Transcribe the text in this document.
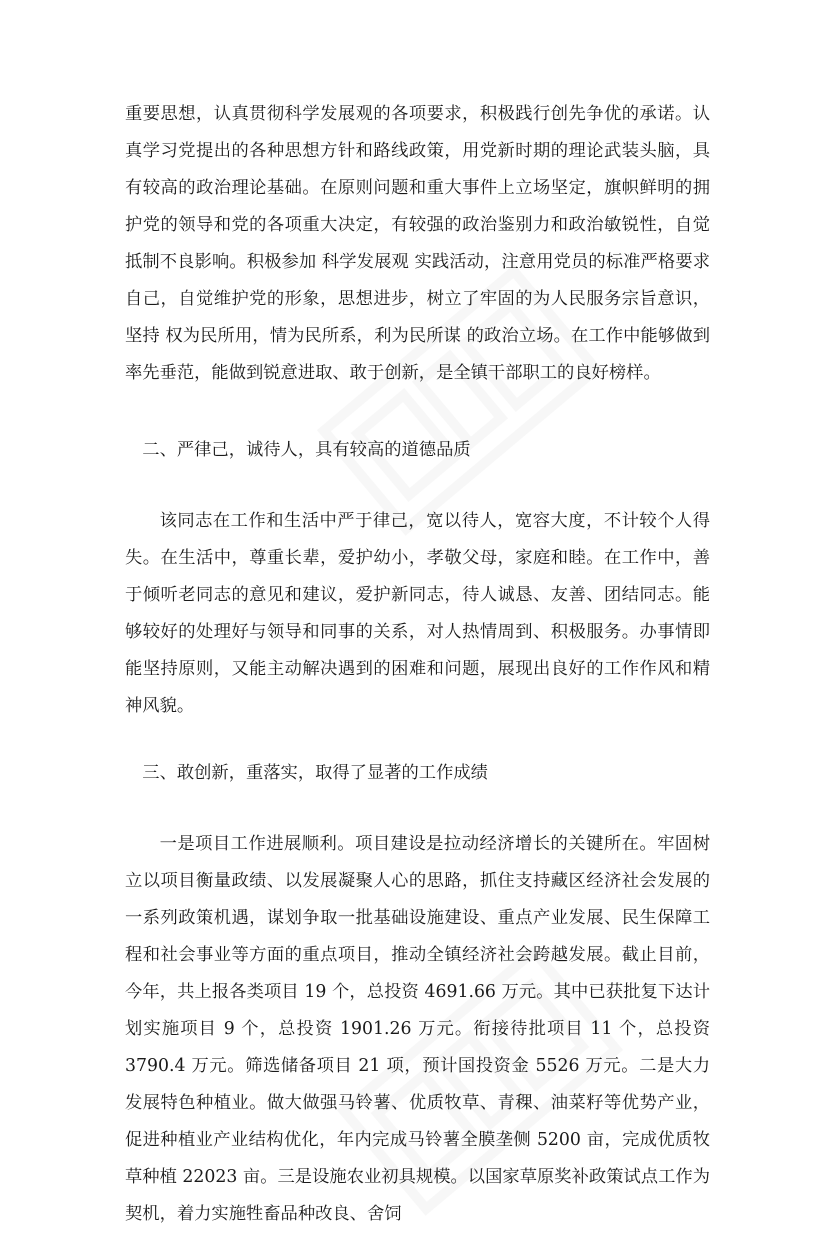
重要思想，认真贯彻科学发展观的各项要求，积极践行创先争优的承诺。认真学习党提出的各种思想方针和路线政策，用党新时期的理论武装头脑，具有较高的政治理论基础。在原则问题和重大事件上立场坚定，旗帜鲜明的拥护党的领导和党的各项重大决定，有较强的政治鉴别力和政治敏锐性，自觉抵制不良影响。积极参加 科学发展观 实践活动，注意用党员的标准严格要求自己，自觉维护党的形象，思想进步，树立了牢固的为人民服务宗旨意识，坚持 权为民所用，情为民所系，利为民所谋 的政治立场。在工作中能够做到率先垂范，能做到锐意进取、敢于创新，是全镇干部职工的良好榜样。

二、严律己，诚待人，具有较高的道德品质

该同志在工作和生活中严于律己，宽以待人，宽容大度，不计较个人得失。在生活中，尊重长辈，爱护幼小，孝敬父母，家庭和睦。在工作中，善于倾听老同志的意见和建议，爱护新同志，待人诚恳、友善、团结同志。能够较好的处理好与领导和同事的关系，对人热情周到、积极服务。办事情即能坚持原则，又能主动解决遇到的困难和问题，展现出良好的工作作风和精神风貌。

三、敢创新，重落实，取得了显著的工作成绩

一是项目工作进展顺利。项目建设是拉动经济增长的关键所在。牢固树立以项目衡量政绩、以发展凝聚人心的思路，抓住支持藏区经济社会发展的一系列政策机遇，谋划争取一批基础设施建设、重点产业发展、民生保障工程和社会事业等方面的重点项目，推动全镇经济社会跨越发展。截止目前，今年，共上报各类项目 19 个，总投资 4691.66 万元。其中已获批复下达计划实施项目 9 个，总投资 1901.26 万元。衔接待批项目 11 个，总投资 3790.4 万元。筛选储备项目 21 项，预计国投资金 5526 万元。二是大力发展特色种植业。做大做强马铃薯、优质牧草、青稞、油菜籽等优势产业，促进种植业产业结构优化，年内完成马铃薯全膜垄侧 5200 亩，完成优质牧草种植 22023 亩。三是设施农业初具规模。以国家草原奖补政策试点工作为契机，着力实施牲畜品种改良、舍饲
